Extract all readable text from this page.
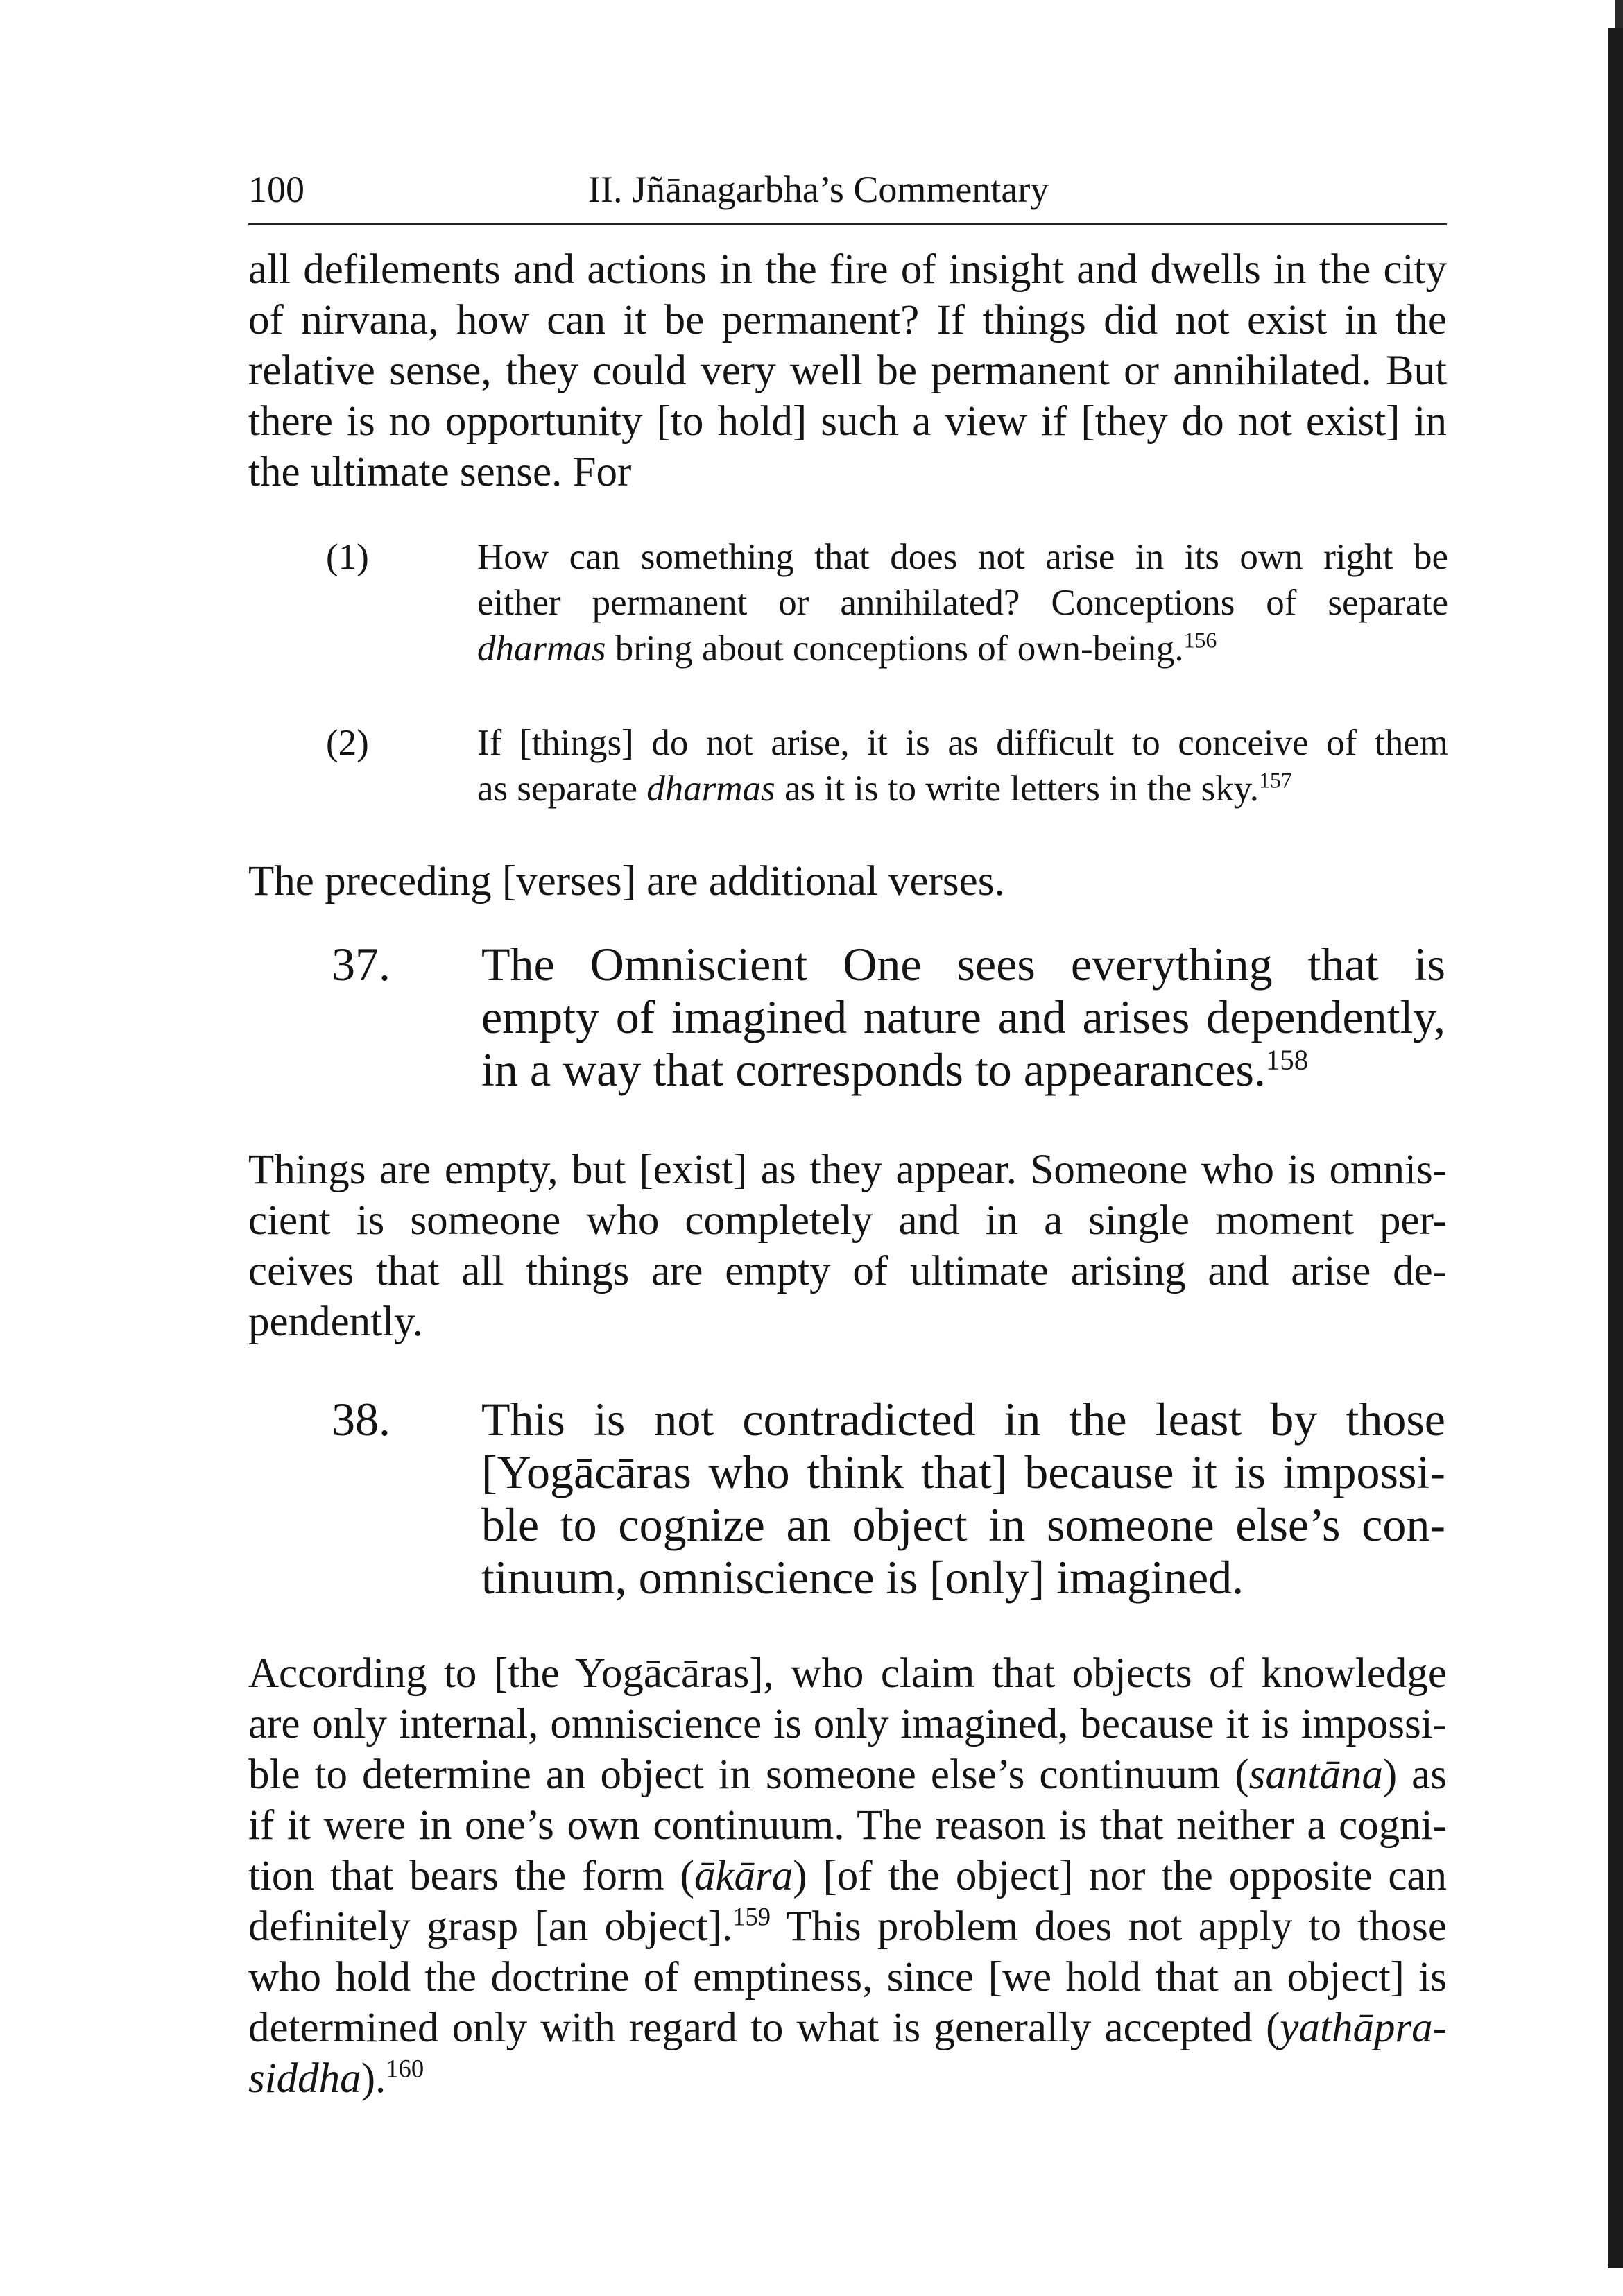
100	II. Jñānagarbha’s Commentary
all defilements and actions in the fire of insight and dwells in the city
of nirvana, how can it be permanent? If things did not exist in the
relative sense, they could very well be permanent or annihilated. But
there is no opportunity [to hold] such a view if [they do not exist] in
the ultimate sense. For
(1)	How can something that does not arise in its own right be
either permanent or annihilated? Conceptions of separate
dharmas bring about conceptions of own-being.$^{156}$
(2)	If [things] do not arise, it is as difficult to conceive of them
as separate dharmas as it is to write letters in the sky.$^{157}$
The preceding [verses] are additional verses.
37. The Omniscient One sees everything that is
empty of imagined nature and arises dependently,
in a way that corresponds to appearances.$^{158}$
Things are empty, but [exist] as they appear. Someone who is omnis-
cient is someone who completely and in a single moment per-
ceives that all things are empty of ultimate arising and arise de-
pendently.
38. This is not contradicted in the least by those
[Yogācāras who think that] because it is impossi-
ble to cognize an object in someone else’s con-
tinuum, omniscience is [only] imagined.
According to [the Yogācāras], who claim that objects of knowledge
are only internal, omniscience is only imagined, because it is impossi-
ble to determine an object in someone else’s continuum (santāna) as
if it were in one’s own continuum. The reason is that neither a cogni-
tion that bears the form (ākāra) [of the object] nor the opposite can
definitely grasp [an object].$^{159}$ This problem does not apply to those
who hold the doctrine of emptiness, since [we hold that an object] is
determined only with regard to what is generally accepted (yathāpra-
siddha).$^{160}$
